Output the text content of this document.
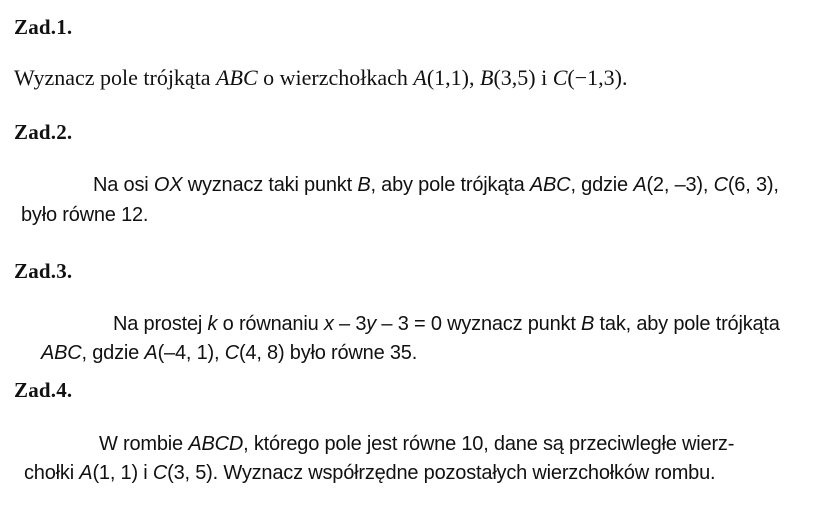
Zad.1.
Wyznacz pole trójkąta ABC o wierzchołkach A(1,1), B(3,5) i C(−1,3).
Zad.2.
Na osi OX wyznacz taki punkt B, aby pole trójkąta ABC, gdzie A(2, –3), C(6, 3),
było równe 12.
Zad.3.
Na prostej k o równaniu x – 3y – 3 = 0 wyznacz punkt B tak, aby pole trójkąta
ABC, gdzie A(–4, 1), C(4, 8) było równe 35.
Zad.4.
W rombie ABCD, którego pole jest równe 10, dane są przeciwległe wierz-
chołki A(1, 1) i C(3, 5). Wyznacz współrzędne pozostałych wierzchołków rombu.
